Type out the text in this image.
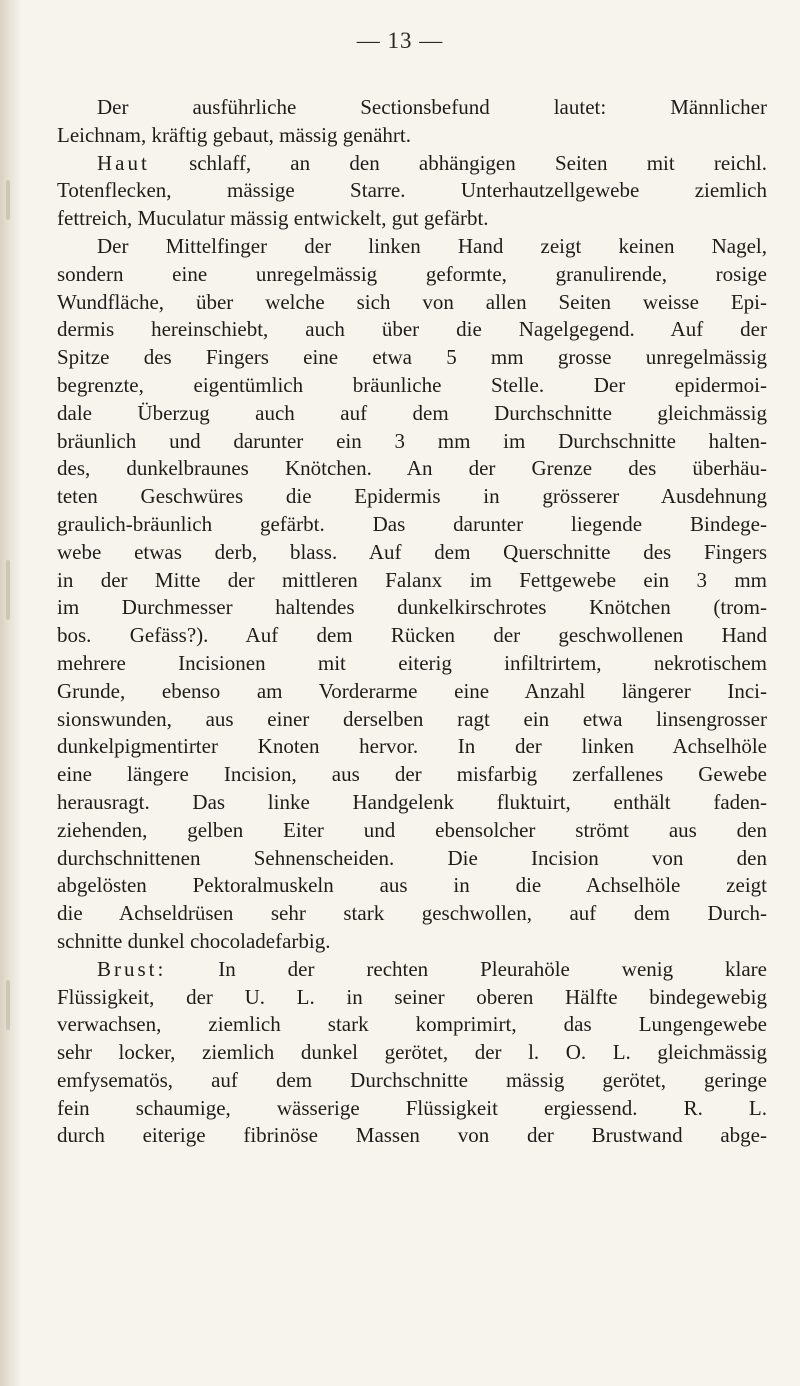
— 13 —
Der ausführliche Sectionsbefund lautet: Männlicher
Leichnam, kräftig gebaut, mässig genährt.
Haut schlaff, an den abhängigen Seiten mit reichl.
Totenflecken, mässige Starre. Unterhautzellgewebe ziemlich
fettreich, Muculatur mässig entwickelt, gut gefärbt.
Der Mittelfinger der linken Hand zeigt keinen Nagel,
sondern eine unregelmässig geformte, granulirende, rosige
Wundfläche, über welche sich von allen Seiten weisse Epi-
dermis hereinschiebt, auch über die Nagelgegend. Auf der
Spitze des Fingers eine etwa 5 mm grosse unregelmässig
begrenzte, eigentümlich bräunliche Stelle. Der epidermoi-
dale Überzug auch auf dem Durchschnitte gleichmässig
bräunlich und darunter ein 3 mm im Durchschnitte halten-
des, dunkelbraunes Knötchen. An der Grenze des überhäu-
teten Geschwüres die Epidermis in grösserer Ausdehnung
graulich-bräunlich gefärbt. Das darunter liegende Bindege-
webe etwas derb, blass. Auf dem Querschnitte des Fingers
in der Mitte der mittleren Falanx im Fettgewebe ein 3 mm
im Durchmesser haltendes dunkelkirschrotes Knötchen (trom-
bos. Gefäss?). Auf dem Rücken der geschwollenen Hand
mehrere Incisionen mit eiterig infiltrirtem, nekrotischem
Grunde, ebenso am Vorderarme eine Anzahl längerer Inci-
sionswunden, aus einer derselben ragt ein etwa linsengrosser
dunkelpigmentirter Knoten hervor. In der linken Achselhöle
eine längere Incision, aus der misfarbig zerfallenes Gewebe
herausragt. Das linke Handgelenk fluktuirt, enthält faden-
ziehenden, gelben Eiter und ebensolcher strömt aus den
durchschnittenen Sehnenscheiden. Die Incision von den
abgelösten Pektoralmuskeln aus in die Achselhöle zeigt
die Achseldrüsen sehr stark geschwollen, auf dem Durch-
schnitte dunkel chocoladefarbig.
Brust: In der rechten Pleurahöle wenig klare
Flüssigkeit, der U. L. in seiner oberen Hälfte bindegewebig
verwachsen, ziemlich stark komprimirt, das Lungengewebe
sehr locker, ziemlich dunkel gerötet, der l. O. L. gleichmässig
emfysematös, auf dem Durchschnitte mässig gerötet, geringe
fein schaumige, wässerige Flüssigkeit ergiessend. R. L.
durch eiterige fibrinöse Massen von der Brustwand abge-
